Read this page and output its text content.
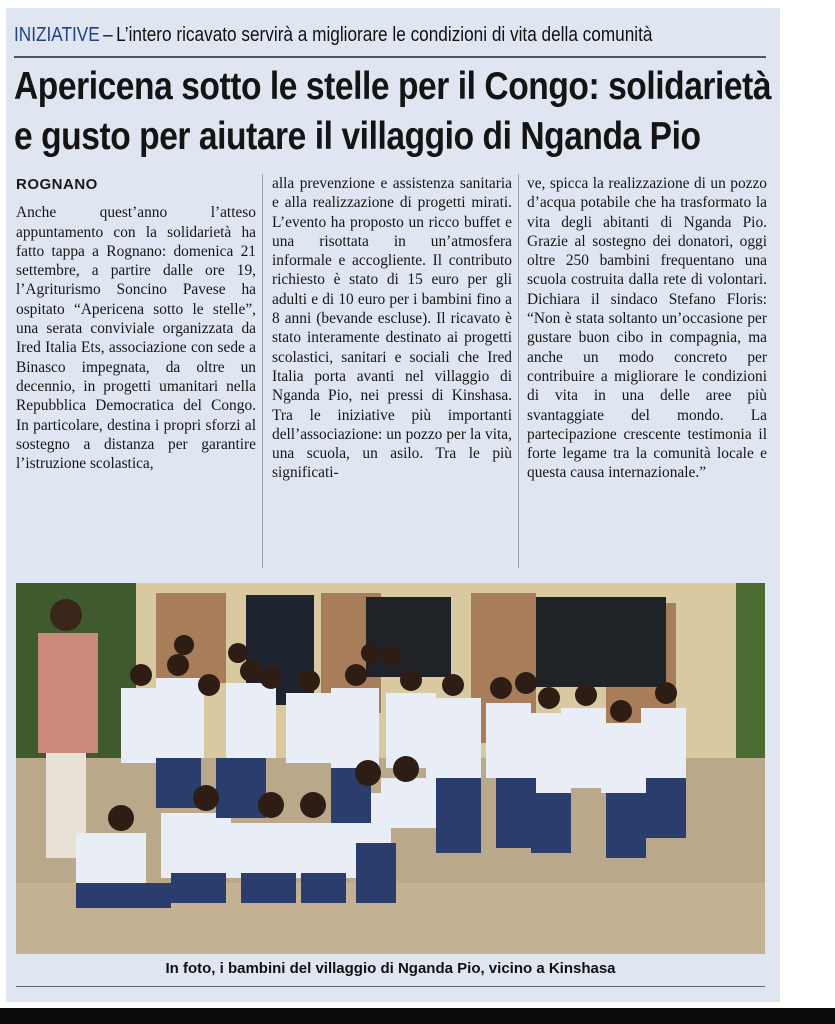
INIZIATIVE – L’intero ricavato servirà a migliorare le condizioni di vita della comunità
Apericena sotto le stelle per il Congo: solidarietà
e gusto per aiutare il villaggio di Nganda Pio
ROGNANO
Anche quest’anno l’atteso appuntamento con la solidarietà ha fatto tappa a Rognano: domenica 21 settembre, a partire dalle ore 19, l’Agriturismo Soncino Pavese ha ospitato “Apericena sotto le stelle”, una serata conviviale organizzata da Ired Italia Ets, associazione con sede a Binasco impegnata, da oltre un decennio, in progetti umanitari nella Repubblica Democratica del Congo. In particolare, destina i propri sforzi al sostegno a distanza per garantire l’istruzione scolastica,
alla prevenzione e assistenza sanitaria e alla realizzazione di progetti mirati. L’evento ha proposto un ricco buffet e una risottata in un’atmosfera informale e accogliente. Il contributo richiesto è stato di 15 euro per gli adulti e di 10 euro per i bambini fino a 8 anni (bevande escluse). Il ricavato è stato interamente destinato ai progetti scolastici, sanitari e sociali che Ired Italia porta avanti nel villaggio di Nganda Pio, nei pressi di Kinshasa. Tra le iniziative più importanti dell’associazione: un pozzo per la vita, una scuola, un asilo. Tra le più significati-
ve, spicca la realizzazione di un pozzo d’acqua potabile che ha trasformato la vita degli abitanti di Nganda Pio. Grazie al sostegno dei donatori, oggi oltre 250 bambini frequentano una scuola costruita dalla rete di volontari. Dichiara il sindaco Stefano Floris: “Non è stata soltanto un’occasione per gustare buon cibo in compagnia, ma anche un modo concreto per contribuire a migliorare le condizioni di vita in una delle aree più svantaggiate del mondo. La partecipazione crescente testimonia il forte legame tra la comunità locale e questa causa internazionale.”
In foto, i bambini del villaggio di Nganda Pio, vicino a Kinshasa
